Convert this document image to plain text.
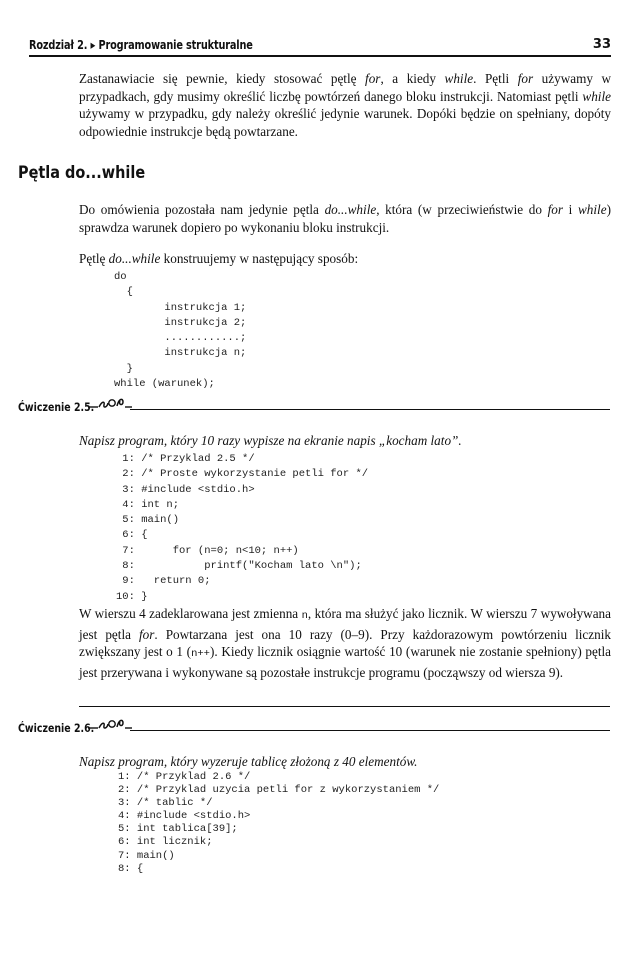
Rozdział 2. ▸ Programowanie strukturalne	33

Zastanawiacie się pewnie, kiedy stosować pętlę for, a kiedy while. Pętli for używamy w przypadkach, gdy musimy określić liczbę powtórzeń danego bloku instrukcji. Natomiast pętli while używamy w przypadku, gdy należy określić jedynie warunek. Dopóki będzie on spełniany, dopóty odpowiednie instrukcje będą powtarzane.

Pętla do...while

Do omówienia pozostała nam jedynie pętla do...while, która (w przeciwieństwie do for i while) sprawdza warunek dopiero po wykonaniu bloku instrukcji.

Pętlę do...while konstruujemy w następujący sposób:

do
{
instrukcja 1;
instrukcja 2;
............;
instrukcja n;
}
while (warunek);
Ćwiczenie 2.5.

Napisz program, który 10 razy wypisze na ekranie napis „kocham lato”.

1: /* Przyklad 2.5 */
2: /* Proste wykorzystanie petli for */
3: #include <stdio.h>
4: int n;
5: main()
6: {
7:      for (n=0; n<10; n++)
8:           printf("Kocham lato \n");
9:   return 0;
10: }

W wierszu 4 zadeklarowana jest zmienna n, która ma służyć jako licznik. W wierszu 7 wywoływana jest pętla for. Powtarzana jest ona 10 razy (0–9). Przy każdorazowym powtórzeniu licznik zwiększany jest o 1 (n++). Kiedy licznik osiągnie wartość 10 (warunek nie zostanie spełniony) pętla jest przerywana i wykonywane są pozostałe instrukcje programu (począwszy od wiersza 9).

Ćwiczenie 2.6.

Napisz program, który wyzeruje tablicę złożoną z 40 elementów.

1: /* Przyklad 2.6 */
2: /* Przyklad uzycia petli for z wykorzystaniem */
3: /* tablic */
4: #include <stdio.h>
5: int tablica[39];
6: int licznik;
7: main()
8: {
